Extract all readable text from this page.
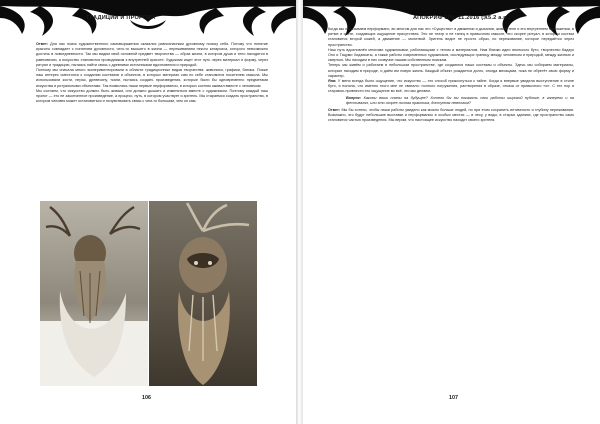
ТРАДИЦИИ И ПРОРОКИ

Ответ: Для нас поиск художественного самовыражения оказался равнозначным духовному поиску себя. Потому что понятие красоты совпадает с понятием духовности, чего-то высшего в жизни — переживанием некого катарсиса, которого невозможно достичь в повседневности. Так мы видим свой основной предмет творчества — образ жизни, в котором душа и тело находятся в равновесии, а искусство становится проводником к внутренней красоте. Художник ищет этот путь через материал и форму, через ритуал и традицию, пытаясь найти связь с древними источниками вдохновения и природой.

Поэтому мы сначала много экспериментировали в области традиционных видов творчества: живописи, графики, батика. Позже наш интерес сместился к созданию костюмов и объектов, в которых материал сам по себе становится носителем смысла. Мы использовали кости, перья, древесину, ткани, пытаясь создать произведения, которые были бы одновременно предметами искусства и ритуальными объектами. Так появились наши первые перформансы, в которых костюм оживал вместе с человеком.

Мы считаем, что искусство должно быть живым, оно должно дышать и изменяться вместе с художником. Поэтому каждый наш проект — это не законченное произведение, а процесс, путь, в котором участвует и зритель. Мы стараемся создать пространство, в котором человек может остановиться и почувствовать связь с чем-то большим, чем он сам.

106
АПОКРИФ 109: 11.2016 (ℜ5.2 a.n.)

Когда мы показываем перформанс, во многом для нас это «Существо» в движении и дыхании, живом теле и его внутреннем напряжении, в ритме и свете, создающих ощущение присутствия. Это не театр и не танец в привычном смысле, это скорее ритуал, в котором костюм становится второй кожей, а движение — молитвой. Зритель видит не просто образ, но переживание, которое передаётся через пространство.

Наш путь вдохновлён многими художниками, работающими с телом и материалом. Нам близки идеи японского буто, творчество Кадзуо Оно и Тацуми Хидзикаты, а также работы современных художников, исследующих границу между человеком и природой, между жизнью и смертью. Мы находим в них созвучие нашим собственным поискам.

Теперь мы живём и работаем в небольшом пространстве, где создаются наши костюмы и объекты. Здесь мы собираем материалы, которые находим в природе, и даём им новую жизнь. Каждый объект рождается долго, иногда месяцами, пока не обретёт свою форму и характер.

Яна: У меня всегда было ощущение, что искусство — это способ прикоснуться к тайне. Когда я впервые увидела выступление в стиле буто, я поняла, что именно этого мне не хватало: полного погружения, растворения в образе, отказа от привычного «я». С тех пор я стараюсь привнести это ощущение во всё, что мы делаем.

Вопрос: Каковы ваши планы на будущее? Хотели бы вы показать свои работы широкой публике, в галереях и на фестивалях, или это скорее личная практика, доступная немногим?

Ответ: Мы бы хотели, чтобы наши работы увидело как можно больше людей, но при этом сохранить интимность и глубину переживания. Возможно, это будут небольшие выставки и перформансы в особых местах — в лесу, у воды, в старых зданиях, где пространство само становится частью произведения. Мы верим, что настоящее искусство находит своего зрителя.

107
